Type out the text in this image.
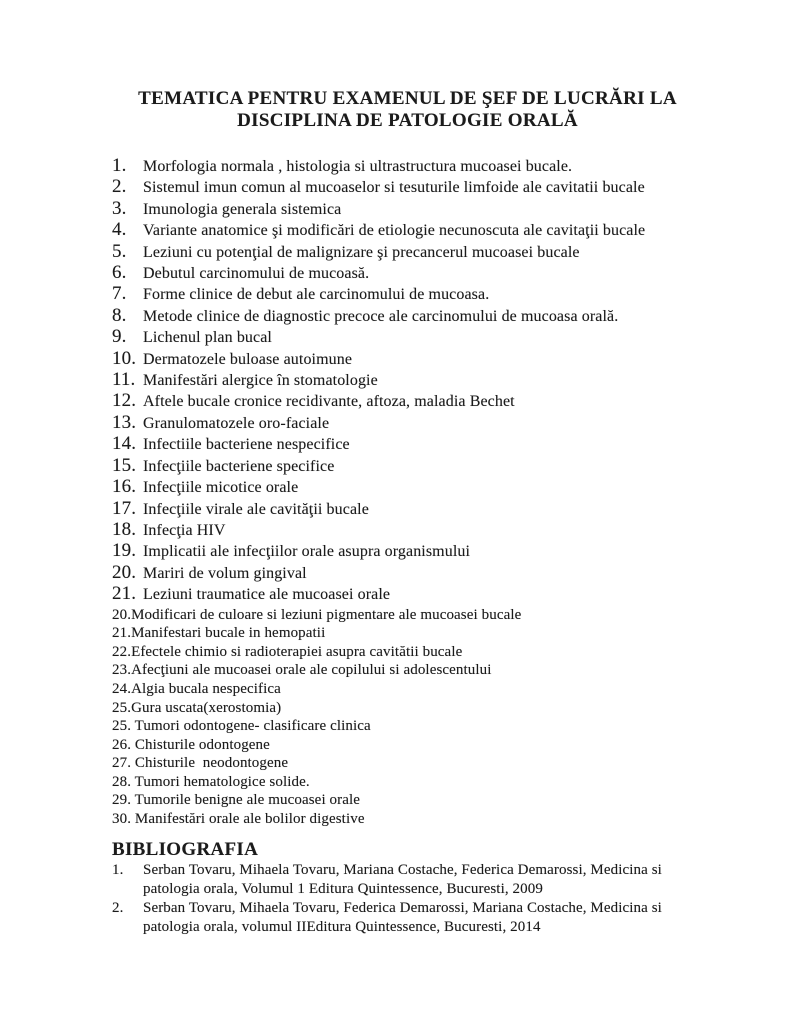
TEMATICA PENTRU EXAMENUL DE ŞEF DE LUCRĂRI LA
DISCIPLINA DE PATOLOGIE ORALĂ
1. Morfologia normala , histologia si ultrastructura mucoasei bucale.
2. Sistemul imun comun al mucoaselor si tesuturile limfoide ale cavitatii bucale
3. Imunologia generala sistemica
4. Variante anatomice şi modificări de etiologie necunoscuta ale cavitaţii bucale
5. Leziuni cu potenţial de malignizare şi precancerul mucoasei bucale
6. Debutul carcinomului de mucoasă.
7. Forme clinice de debut ale carcinomului de mucoasa.
8. Metode clinice de diagnostic precoce ale carcinomului de mucoasa orală.
9. Lichenul plan bucal
10. Dermatozele buloase autoimune
11. Manifestări alergice în stomatologie
12. Aftele bucale cronice recidivante, aftoza, maladia Bechet
13. Granulomatozele oro-faciale
14. Infectiile bacteriene nespecifice
15. Infecţiile bacteriene specifice
16. Infecţiile micotice orale
17. Infecţiile virale ale cavităţii bucale
18. Infecţia HIV
19. Implicatii ale infecţiilor orale asupra organismului
20. Mariri de volum gingival
21. Leziuni traumatice ale mucoasei orale
20.Modificari de culoare si leziuni pigmentare ale mucoasei bucale
21.Manifestari bucale in hemopatii
22.Efectele chimio si radioterapiei asupra cavitătii bucale
23.Afecţiuni ale mucoasei orale ale copilului si adolescentului
24.Algia bucala nespecifica
25.Gura uscata(xerostomia)
25. Tumori odontogene- clasificare clinica
26. Chisturile odontogene
27. Chisturile  neodontogene
28. Tumori hematologice solide.
29. Tumorile benigne ale mucoasei orale
30. Manifestări orale ale bolilor digestive
BIBLIOGRAFIA
1.	Serban Tovaru, Mihaela Tovaru, Mariana Costache, Federica Demarossi, Medicina si patologia orala, Volumul 1 Editura Quintessence, Bucuresti, 2009
2.	Serban Tovaru, Mihaela Tovaru, Federica Demarossi, Mariana Costache, Medicina si patologia orala, volumul IIEditura Quintessence, Bucuresti, 2014
